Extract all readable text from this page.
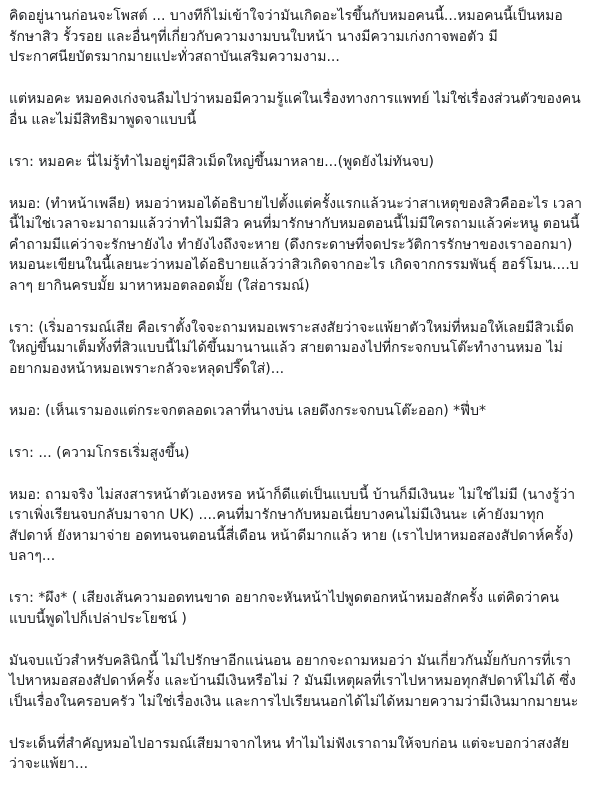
คิดอยู่นานก่อนจะโพสต์ ... บางทีก็ไม่เข้าใจว่ามันเกิดอะไรขึ้นกับหมอคนนี้...หมอคนนี้เป็นหมอ
รักษาสิว รั้วรอย และอื่นๆที่เกี่ยวกับความงามบนใบหน้า นางมีความเก่งกาจพอตัว มี
ประกาศนียบัตรมากมายแปะทั่วสถาบันเสริมความงาม...

แต่หมอคะ หมอคงเก่งจนลืมไปว่าหมอมีความรู้แค่ในเรื่องทางการแพทย์ ไม่ใช่เรื่องส่วนตัวของคน
อื่น และไม่มีสิทธิมาพูดจาแบบนี้

เรา: หมอคะ นี่ไม่รู้ทำไมอยู่ๆมีสิวเม็ดใหญ่ขึ้นมาหลาย...(พูดยังไม่ทันจบ)

หมอ: (ทำหน้าเพลีย) หมอว่าหมอได้อธิบายไปตั้งแต่ครั้งแรกแล้วนะว่าสาเหตุของสิวคืออะไร เวลา
นี้ไม่ใช่เวลาจะมาถามแล้วว่าทำไมมีสิว คนที่มารักษากับหมอตอนนี้ไม่มีใครถามแล้วค่ะหนู ตอนนี้
คำถามมีแค่ว่าจะรักษายังไง ทำยังไงถึงจะหาย (ดึงกระดาษที่จดประวัติการรักษาของเราออกมา)
หมอนะเขียนในนี้เลยนะว่าหมอได้อธิบายแล้วว่าสิวเกิดจากอะไร เกิดจากกรรมพันธุ์ ฮอร์โมน....บ
ลาๆ ยากินครบมั้ย มาหาหมอตลอดมั้ย (ใส่อารมณ์)

เรา: (เริ่มอารมณ์เสีย คือเราตั้งใจจะถามหมอเพราะสงสัยว่าจะแพ้ยาตัวใหม่ที่หมอให้เลยมีสิวเม็ด
ใหญ่ขึ้นมาเต็มทั้งที่สิวแบบนี้ไม่ได้ขึ้นมานานแล้ว สายตามองไปที่กระจกบนโต๊ะทำงานหมอ ไม่
อยากมองหน้าหมอเพราะกลัวจะหลุดปรี๊ดใส่)...

หมอ: (เห็นเรามองแต่กระจกตลอดเวลาที่นางบ่น เลยดึงกระจกบนโต๊ะออก) *ฟึ่บ*

เรา: ... (ความโกรธเริ่มสูงขึ้น)

หมอ: ถามจริง ไม่สงสารหน้าตัวเองหรอ หน้าก็ดีแต่เป็นแบบนี้ บ้านก็มีเงินนะ ไม่ใช่ไม่มี (นางรู้ว่า
เราเพิ่งเรียนจบกลับมาจาก UK) ....คนที่มารักษากับหมอเนี่ยบางคนไม่มีเงินนะ เค้ายังมาทุก
สัปดาห์ ยังหามาจ่าย อดทนจนตอนนี้สี่เดือน หน้าดีมากแล้ว หาย (เราไปหาหมอสองสัปดาห์ครั้ง)
บลาๆ...

เรา: *ผึง* ( เสียงเส้นความอดทนขาด อยากจะหันหน้าไปพูดตอกหน้าหมอสักครั้ง แต่คิดว่าคน
แบบนี้พูดไปก็เปล่าประโยชน์ )

มันจบแบ้วสำหรับคลินิกนี้ ไม่ไปรักษาอีกแน่นอน อยากจะถามหมอว่า มันเกี่ยวกันมั้ยกับการที่เรา
ไปหาหมอสองสัปดาห์ครั้ง และบ้านมีเงินหรือไม่ ? มันมีเหตุผลที่เราไปหาหมอทุกสัปดาห์ไม่ได้ ซึ่ง
เป็นเรื่องในครอบครัว ไม่ใช่เรื่องเงิน และการไปเรียนนอกได้ไม่ได้หมายความว่ามีเงินมากมายนะ

ประเด็นที่สำคัญหมอไปอารมณ์เสียมาจากไหน ทำไมไม่ฟังเราถามให้จบก่อน แต่จะบอกว่าสงสัย
ว่าจะแพ้ยา...
